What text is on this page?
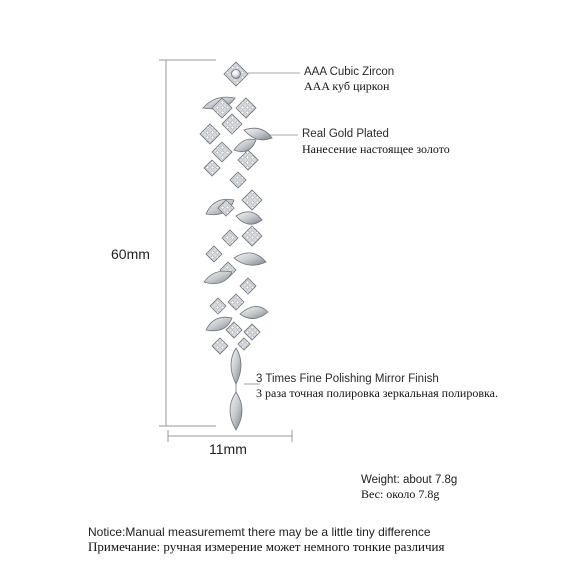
60mm
11mm
AAA Cubic Zircon
AAA куб циркон
Real Gold Plated
Нанесение настоящее золото
3 Times Fine Polishing Mirror Finish
3 раза точная полировка зеркальная полировка.
Weight: about 7.8g
Вес: около 7.8g
Notice:Manual measurememt there may be a little tiny difference
Примечание: ручная измерение может немного тонкие различия
